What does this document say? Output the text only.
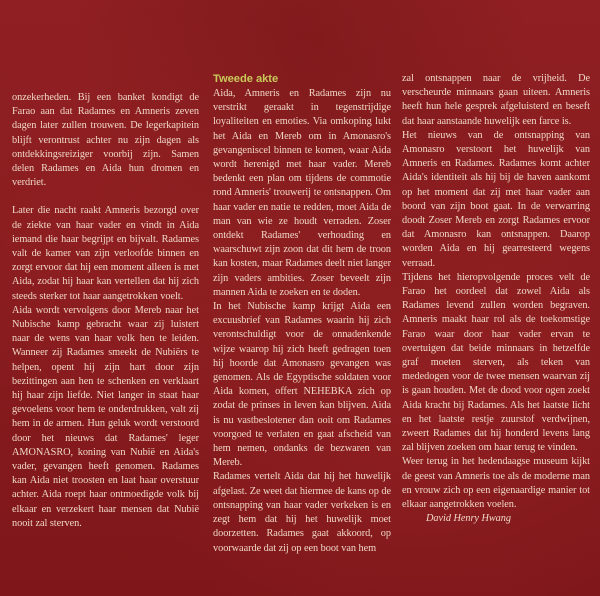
onzekerheden. Bij een banket kondigt de Farao aan dat Radames en Amneris zeven dagen later zullen trouwen. De legerkapitein blijft verontrust achter nu zijn dagen als ontdekkingsreiziger voorbij zijn. Samen delen Radames en Aida hun dromen en verdriet.

Later die nacht raakt Amneris bezorgd over de ziekte van haar vader en vindt in Aida iemand die haar begrijpt en bijvalt. Radames valt de kamer van zijn verloofde binnen en zorgt ervoor dat hij een moment alleen is met Aida, zodat hij haar kan vertellen dat hij zich steeds sterker tot haar aangetrokken voelt.

Aida wordt vervolgens door Mereb naar het Nubische kamp gebracht waar zij luistert naar de wens van haar volk hen te leiden. Wanneer zij Radames smeekt de Nubiërs te helpen, opent hij zijn hart door zijn bezittingen aan hen te schenken en verklaart hij haar zijn liefde. Niet langer in staat haar gevoelens voor hem te onderdrukken, valt zij hem in de armen. Hun geluk wordt verstoord door het nieuws dat Radames' leger AMONASRO, koning van Nubië en Aida's vader, gevangen heeft genomen. Radames kan Aida niet troosten en laat haar overstuur achter. Aida roept haar ontmoedigde volk bij elkaar en verzekert haar mensen dat Nubië nooit zal sterven.

Tweede akte

Aida, Amneris en Radames zijn nu verstrikt geraakt in tegenstrijdige loyaliteiten en emoties. Via omkoping lukt het Aida en Mereb om in Amonasro's gevangeniscel binnen te komen, waar Aida wordt herenigd met haar vader. Mereb bedenkt een plan om tijdens de commotie rond Amneris' trouwerij te ontsnappen. Om haar vader en natie te redden, moet Aida de man van wie ze houdt verraden. Zoser ontdekt Radames' verhouding en waarschuwt zijn zoon dat dit hem de troon kan kosten, maar Radames deelt niet langer zijn vaders ambities. Zoser beveelt zijn mannen Aida te zoeken en te doden.

In het Nubische kamp krijgt Aida een excuusbrief van Radames waarin hij zich verontschuldigt voor de onnadenkende wijze waarop hij zich heeft gedragen toen hij hoorde dat Amonasro gevangen was genomen. Als de Egyptische soldaten voor Aida komen, offert NEHEBKA zich op zodat de prinses in leven kan blijven. Aida is nu vastbeslotener dan ooit om Radames voorgoed te verlaten en gaat afscheid van hem nemen, ondanks de bezwaren van Mereb.

Radames vertelt Aida dat hij het huwelijk afgelast. Ze weet dat hiermee de kans op de ontsnapping van haar vader verkeken is en zegt hem dat hij het huwelijk moet doorzetten. Radames gaat akkoord, op voorwaarde dat zij op een boot van hem

zal ontsnappen naar de vrijheid. De verscheurde minnaars gaan uiteen. Amneris heeft hun hele gesprek afgeluisterd en beseft dat haar aanstaande huwelijk een farce is.

Het nieuws van de ontsnapping van Amonasro verstoort het huwelijk van Amneris en Radames. Radames komt achter Aida's identiteit als hij bij de haven aankomt op het moment dat zij met haar vader aan boord van zijn boot gaat. In de verwarring doodt Zoser Mereb en zorgt Radames ervoor dat Amonasro kan ontsnappen. Daarop worden Aida en hij gearresteerd wegens verraad.

Tijdens het hieropvolgende proces velt de Farao het oordeel dat zowel Aida als Radames levend zullen worden begraven. Amneris maakt haar rol als de toekomstige Farao waar door haar vader ervan te overtuigen dat beide minnaars in hetzelfde graf moeten sterven, als teken van mededogen voor de twee mensen waarvan zij is gaan houden. Met de dood voor ogen zoekt Aida kracht bij Radames. Als het laatste licht en het laatste restje zuurstof verdwijnen, zweert Radames dat hij honderd levens lang zal blijven zoeken om haar terug te vinden.

Weer terug in het hedendaagse museum kijkt de geest van Amneris toe als de moderne man en vrouw zich op een eigenaardige manier tot elkaar aangetrokken voelen.

David Henry Hwang
